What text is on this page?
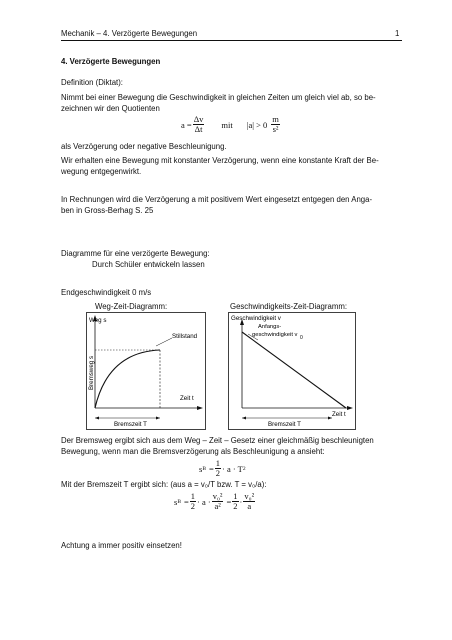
Mechanik – 4. Verzögerte Bewegungen	1
4. Verzögerte Bewegungen
Definition (Diktat):
Nimmt bei einer Bewegung die Geschwindigkeit in gleichen Zeiten um gleich viel ab, so be-
zeichnen wir den Quotienten
$a = \frac{\Delta v}{\Delta t}$ mit $|a| > 0 \frac{m}{\text{s²}}$
als Verzögerung oder negative Beschleunigung.
Wir erhalten eine Bewegung mit konstanter Verzögerung, wenn eine konstante Kraft der Be-
wegung entgegenwirkt.
In Rechnungen wird die Verzögerung a mit positivem Wert eingesetzt entgegen den Anga-
ben in Gross-Berhag S. 25
Diagramme für eine verzögerte Bewegung:
Durch Schüler entwickeln lassen
Endgeschwindigkeit 0 m/s
Weg-Zeit-Diagramm:	Geschwindigkeits-Zeit-Diagramm:
Stillstand
Weg s
Bremsweg s
Zeit t
Bremszeit T
Geschwindigkeit v
Anfangs-
geschwindigkeit v 0
Zeit t
Bremszeit T
Der Bremsweg ergibt sich aus dem Weg – Zeit – Gesetz einer gleichmäßig beschleunigten
Bewegung, wenn man die Bremsverzögerung als Beschleunigung a ansieht:
s $B = \frac{1}{2} \cdot a \cdot T$ 2
Mit der Bremszeit T ergibt sich: (aus a = v₀/T bzw. T = v₀/a):
s $B = \frac{1}{2} \cdot a \cdot \frac{\text{v₀²}}{\text{a²}} = \frac{1}{2} \cdot \frac{\text{v₀²}}{a}$
Achtung a immer positiv einsetzen!
